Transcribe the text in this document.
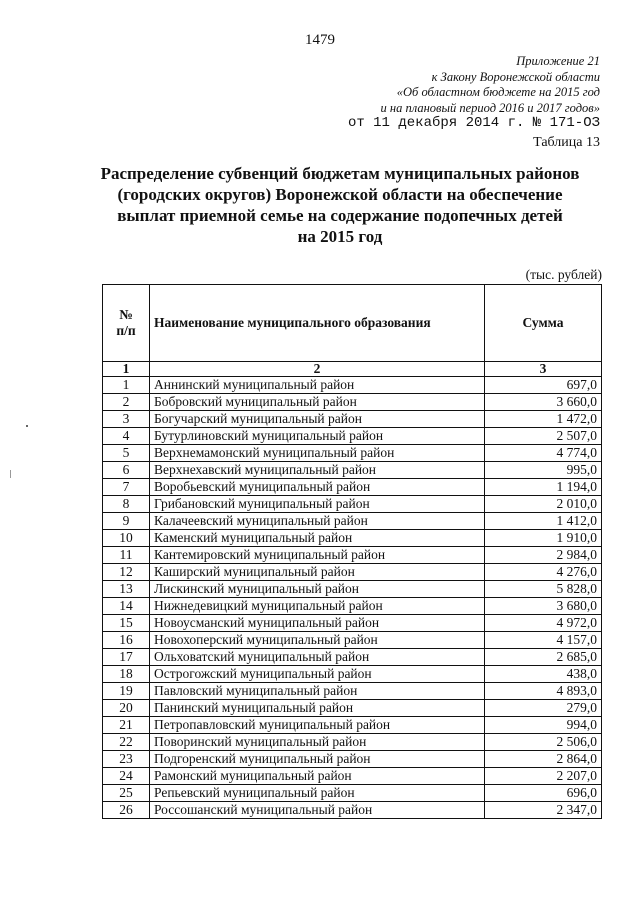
1479
Приложение 21
к Закону Воронежской области
«Об областном бюджете на 2015 год
и на плановый период 2016 и 2017 годов»
от 11 декабря 2014 г. № 171-ОЗ
Таблица 13
Распределение субвенций бюджетам муниципальных районов
(городских округов) Воронежской области на обеспечение
выплат приемной семье на содержание подопечных детей
на 2015 год
(тыс. рублей)
№
п/п	Наименование муниципального образования	Сумма
1	2	3
1	Аннинский муниципальный район	697,0
2	Бобровский муниципальный район	3 660,0
3	Богучарский муниципальный район	1 472,0
4	Бутурлиновский муниципальный район	2 507,0
5	Верхнемамонский муниципальный район	4 774,0
6	Верхнехавский муниципальный район	995,0
7	Воробьевский муниципальный район	1 194,0
8	Грибановский муниципальный район	2 010,0
9	Калачеевский муниципальный район	1 412,0
10	Каменский муниципальный район	1 910,0
11	Кантемировский муниципальный район	2 984,0
12	Каширский муниципальный район	4 276,0
13	Лискинский муниципальный район	5 828,0
14	Нижнедевицкий муниципальный район	3 680,0
15	Новоусманский муниципальный район	4 972,0
16	Новохоперский муниципальный район	4 157,0
17	Ольховатский муниципальный район	2 685,0
18	Острогожский муниципальный район	438,0
19	Павловский муниципальный район	4 893,0
20	Панинский муниципальный район	279,0
21	Петропавловский муниципальный район	994,0
22	Поворинский муниципальный район	2 506,0
23	Подгоренский муниципальный район	2 864,0
24	Рамонский муниципальный район	2 207,0
25	Репьевский муниципальный район	696,0
26	Россошанский муниципальный район	2 347,0
